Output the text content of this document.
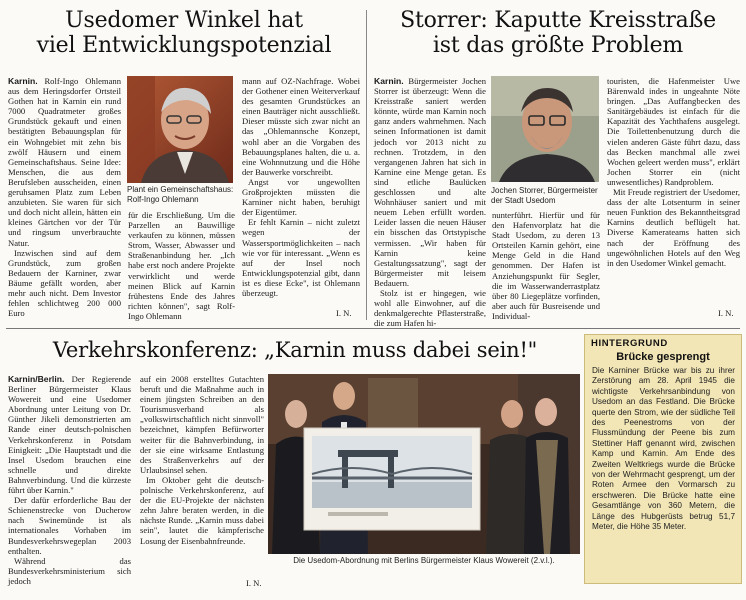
Usedomer Winkel hat
viel Entwicklungspotenzial

Karnin. Rolf-Ingo Ohlemann aus dem Heringsdorfer Ortsteil Gothen hat in Karnin ein rund 7000 Quadratmeter großes Grundstück gekauft und einen bestätigten Bebauungsplan für ein Wohngebiet mit zehn bis zwölf Häusern und einem Gemeinschaftshaus. Seine Idee: Menschen, die aus dem Berufsleben ausscheiden, einen geruhsamen Platz zum Leben anzubieten. Sie waren für sich und doch nicht allein, hätten ein kleines Gärtchen vor der Tür und ringsum unverbrauchte Natur.

Inzwischen sind auf dem Grundstück, zum großen Bedauern der Karniner, zwar Bäume gefällt worden, aber mehr auch nicht. Dem Investor fehlen schlichtweg 200 000 Euro

Plant ein Gemeinschaftshaus: Rolf-Ingo Ohlemann

für die Erschließung. Um die Parzellen an Bauwillige verkaufen zu können, müssen Strom, Wasser, Abwasser und Straßenanbindung her. „Ich habe erst noch andere Projekte verwirklicht und werde meinen Blick auf Karnin frühestens Ende des Jahres richten können", sagt Rolf-Ingo Ohlemann

mann auf OZ-Nachfrage. Wobei der Gothener einen Weiterverkauf des gesamten Grundstückes an einen Bauträger nicht ausschließt. Dieser müsste sich zwar nicht an das „Ohlemannsche Konzept, wohl aber an die Vorgaben des Bebauungsplanes halten, die u. a. eine Wohnnutzung und die Höhe der Bauwerke vorschreibt.

Angst vor ungewollten Großprojekten müssten die Karniner nicht haben, beruhigt der Eigentümer.

Er fehlt Karnin – nicht zuletzt wegen der Wassersportmöglichkeiten – nach wie vor für interessant. „Wenn es auf der Insel noch Entwicklungspotenzial gibt, dann ist es diese Ecke", ist Ohlemann überzeugt.

I. N.
Storrer: Kaputte Kreisstraße
ist das größte Problem

Karnin. Bürgermeister Jochen Storrer ist überzeugt: Wenn die Kreisstraße saniert werden könnte, würde man Karnin noch ganz anders wahrnehmen. Nach seinen Informationen ist damit jedoch vor 2013 nicht zu rechnen. Trotzdem, in den vergangenen Jahren hat sich in Karnine eine Menge getan. Es sind etliche Baulücken geschlossen und alte Wohnhäuser saniert und mit neuem Leben erfüllt worden. Leider lassen die neuen Häuser ein bisschen das Ortstypische vermissen. „Wir haben für Karnin keine Gestaltungssatzung", sagt der Bürgermeister mit leisem Bedauern.

Stolz ist er hingegen, wie wohl alle Einwohner, auf die denkmalgerechte Pflasterstraße, die zum Hafen hi-

Jochen Storrer, Bürgermeister der Stadt Usedom

nunterführt. Hierfür und für den Hafenvorplatz hat die Stadt Usedom, zu deren 13 Ortsteilen Karnin gehört, eine Menge Geld in die Hand genommen. Der Hafen ist Anziehungspunkt für Segler, die im Wasserwanderrastplatz über 80 Liegeplätze vorfinden, aber auch für Busreisende und Individual-

touristen, die Hafenmeister Uwe Bärenwald indes in ungeahnte Nöte bringen. „Das Auffangbecken des Sanitärgebäudes ist einfach für die Kapazität des Yachthafens ausgelegt. Die Toilettenbenutzung durch die vielen anderen Gäste führt dazu, dass das Becken manchmal alle zwei Wochen geleert werden muss", erklärt Jochen Storrer ein (nicht unwesentliches) Randproblem.

Mit Freude registriert der Usedomer, dass der alte Lotsenturm in seiner neuen Funktion des Bekanntheitsgrad Karnins deutlich beflügelt hat. Diverse Kamerateams hatten sich nach der Eröffnung des ungewöhnlichen Hotels auf den Weg in den Usedomer Winkel gemacht.

I. N.
Verkehrskonferenz: „Karnin muss dabei sein!"

Karnin/Berlin. Der Regierende Berliner Bürgermeister Klaus Wowereit und eine Usedomer Abordnung unter Leitung von Dr. Günther Jikeli demonstrierten am Rande einer deutsch-polnischen Verkehrskonferenz in Potsdam Einigkeit: „Die Hauptstadt und die Insel Usedom brauchen eine schnelle und direkte Bahnverbindung. Und die kürzeste führt über Karnin."

Der dafür erforderliche Bau der Schienenstrecke von Ducherow nach Swinemünde ist als internationales Vorhaben im Bundesverkehrswegeplan 2003 enthalten.

Während das Bundesverkehrsministerium sich jedoch

auf ein 2008 erstelltes Gutachten beruft und die Maßnahme auch in einem jüngsten Schreiben an den Tourismusverband als „volkswirtschaftlich nicht sinnvoll" bezeichnet, kämpfen Befürworter weiter für die Bahnverbindung, in der sie eine wirksame Entlastung des Straßenverkehrs auf der Urlaubsinsel sehen.

Im Oktober geht die deutsch-polnische Verkehrskonferenz, auf der die EU-Projekte der nächsten zehn Jahre beraten werden, in die nächste Runde. „Karnin muss dabei sein", lautet die kämpferische Losung der Eisenbahnfreunde.

I. N.
Die Usedom-Abordnung mit Berlins Bürgermeister Klaus Wowereit (2.v.l.).
HINTERGRUND
Brücke gesprengt
Die Karniner Brücke war bis zu ihrer Zerstörung am 28. April 1945 die wichtigste Verkehrsanbindung von Usedom an das Festland. Die Brücke querte den Strom, wie der südliche Teil des Peenestroms von der Flussmündung der Peene bis zum Stettiner Haff genannt wird, zwischen Kamp und Karnin. Am Ende des Zweiten Weltkriegs wurde die Brücke von der Wehrmacht gesprengt, um der Roten Armee den Vormarsch zu erschweren. Die Brücke hatte eine Gesamtlänge von 360 Metern, die Länge des Hubgerüsts betrug 51,7 Meter, die Höhe 35 Meter.
